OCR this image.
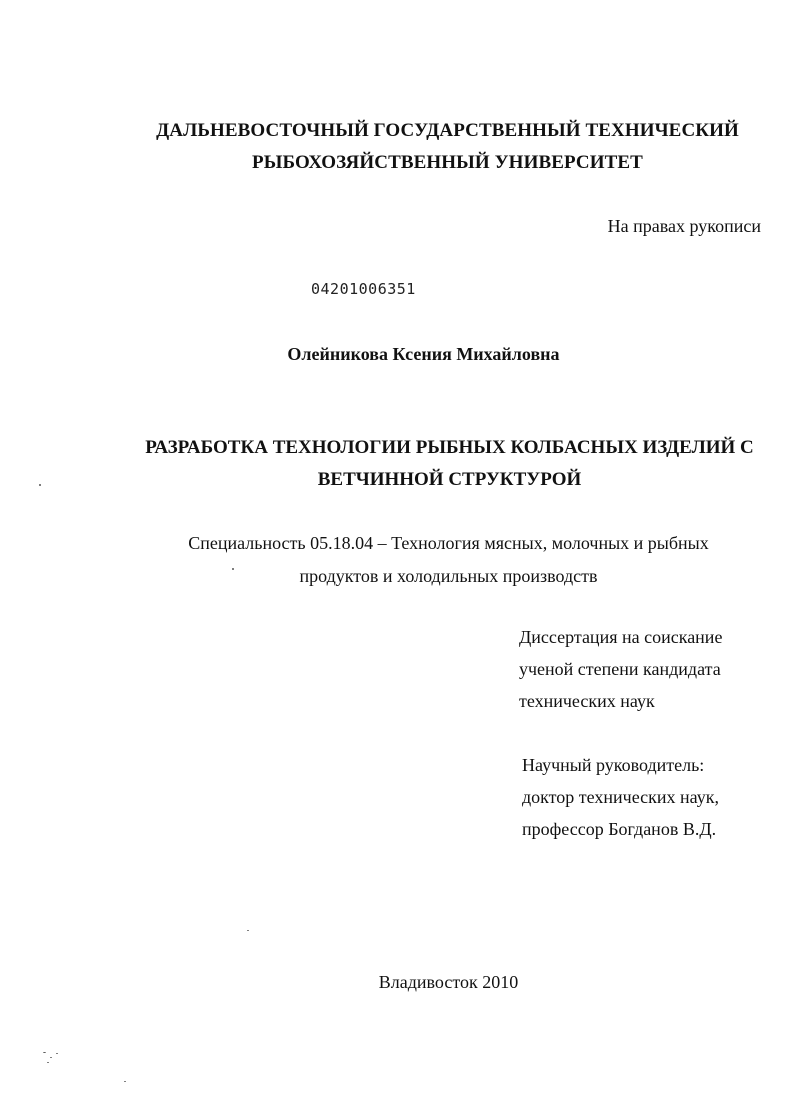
ДАЛЬНЕВОСТОЧНЫЙ ГОСУДАРСТВЕННЫЙ ТЕХНИЧЕСКИЙ
РЫБОХОЗЯЙСТВЕННЫЙ УНИВЕРСИТЕТ
На правах рукописи
04201006351
Олейникова Ксения Михайловна
РАЗРАБОТКА ТЕХНОЛОГИИ РЫБНЫХ КОЛБАСНЫХ ИЗДЕЛИЙ С
ВЕТЧИННОЙ СТРУКТУРОЙ
Специальность 05.18.04 – Технология мясных, молочных и рыбных
продуктов и холодильных производств
Диссертация на соискание
ученой степени кандидата
технических наук
Научный руководитель:
доктор технических наук,
профессор Богданов В.Д.
Владивосток 2010
